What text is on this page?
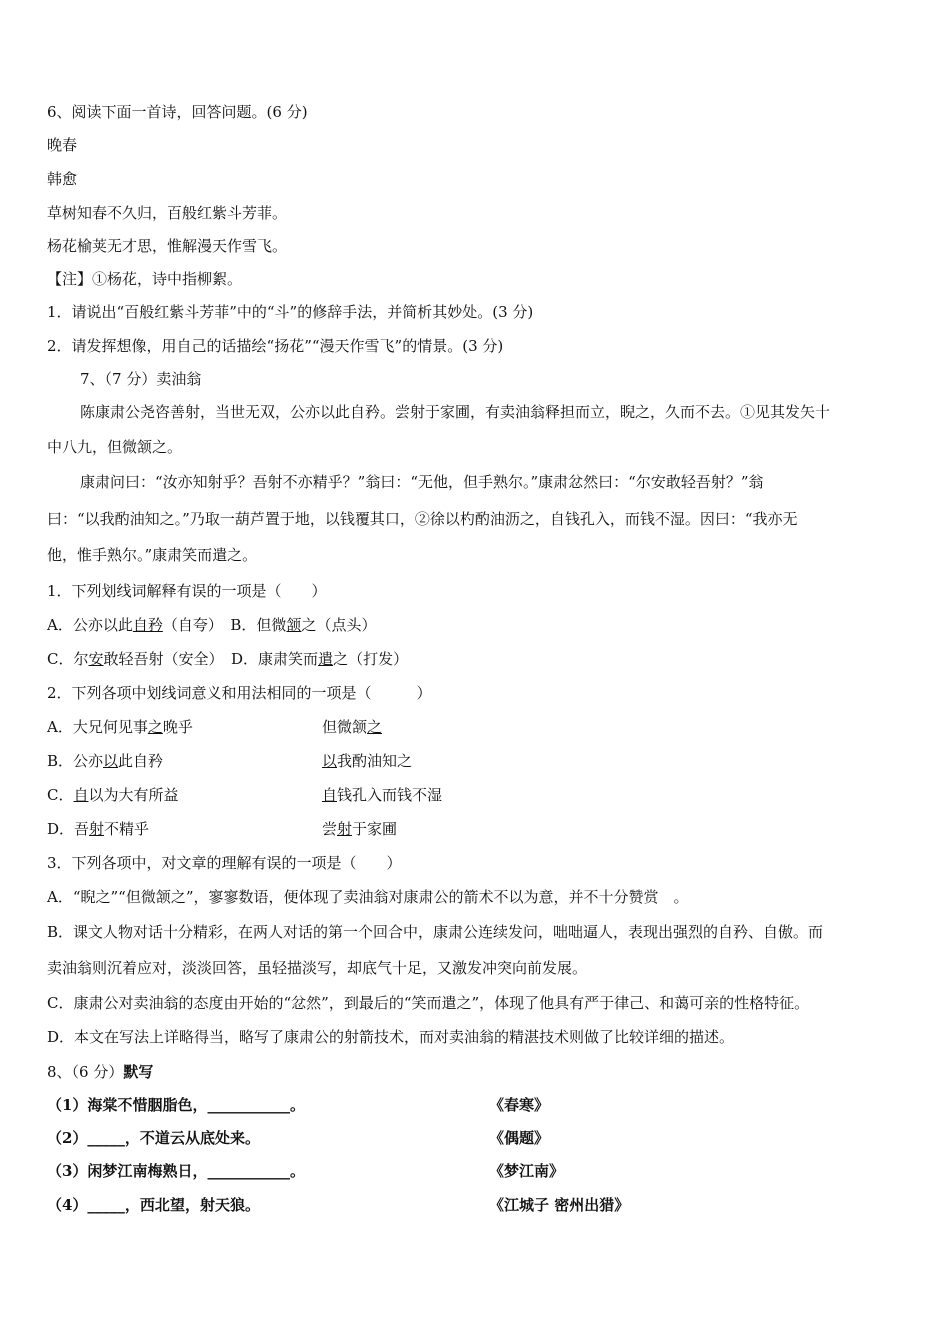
6、阅读下面一首诗，回答问题。(6 分)
晚春
韩愈
草树知春不久归，百般红紫斗芳菲。
杨花榆荚无才思，惟解漫天作雪飞。
【注】①杨花，诗中指柳絮。
1．请说出“百般红紫斗芳菲”中的“斗”的修辞手法，并简析其妙处。(3 分)
2．请发挥想像，用自己的话描绘“扬花”“漫天作雪飞”的情景。(3 分)
7、（7 分）卖油翁
陈康肃公尧咨善射，当世无双，公亦以此自矜。尝射于家圃，有卖油翁释担而立，睨之，久而不去。①见其发矢十
中八九，但微颔之。
康肃问曰：“汝亦知射乎？吾射不亦精乎？”翁曰：“无他，但手熟尔。”康肃忿然曰：“尔安敢轻吾射？”翁
曰：“以我酌油知之。”乃取一葫芦置于地，以钱覆其口，②徐以杓酌油沥之，自钱孔入，而钱不湿。因曰：“我亦无
他，惟手熟尔。”康肃笑而遣之。
1．下列划线词解释有误的一项是（　　）
A．公亦以此自矜（自夸）　 B．但微颔之（点头）
C．尔安敢轻吾射（安全）　 D．康肃笑而遣之（打发）
2．下列各项中划线词意义和用法相同的一项是（　　　）
A．大兄何见事之晚乎	但微颔之
B．公亦以此自矜	以我酌油知之
C．自以为大有所益	自钱孔入而钱不湿
D．吾射不精乎	尝射于家圃
3．下列各项中，对文章的理解有误的一项是（　　）
A．“睨之”“但微颔之”，寥寥数语，便体现了卖油翁对康肃公的箭术不以为意，并不十分赞赏　。
B．课文人物对话十分精彩，在两人对话的第一个回合中，康肃公连续发问，咄咄逼人，表现出强烈的自矜、自傲。而
卖油翁则沉着应对，淡淡回答，虽轻描淡写，却底气十足，又激发冲突向前发展。
C．康肃公对卖油翁的态度由开始的“忿然”，到最后的“笑而遣之”，体现了他具有严于律己、和蔼可亲的性格特征。
D．本文在写法上详略得当，略写了康肃公的射箭技术，而对卖油翁的精湛技术则做了比较详细的描述。
8、（6 分）默写
（1）海棠不惜胭脂色，___________。	《春寒》
（2）_____，不道云从底处来。	《偶题》
（3）闲梦江南梅熟日，___________。	《梦江南》
（4）_____，西北望，射天狼。	《江城子 密州出猎》
